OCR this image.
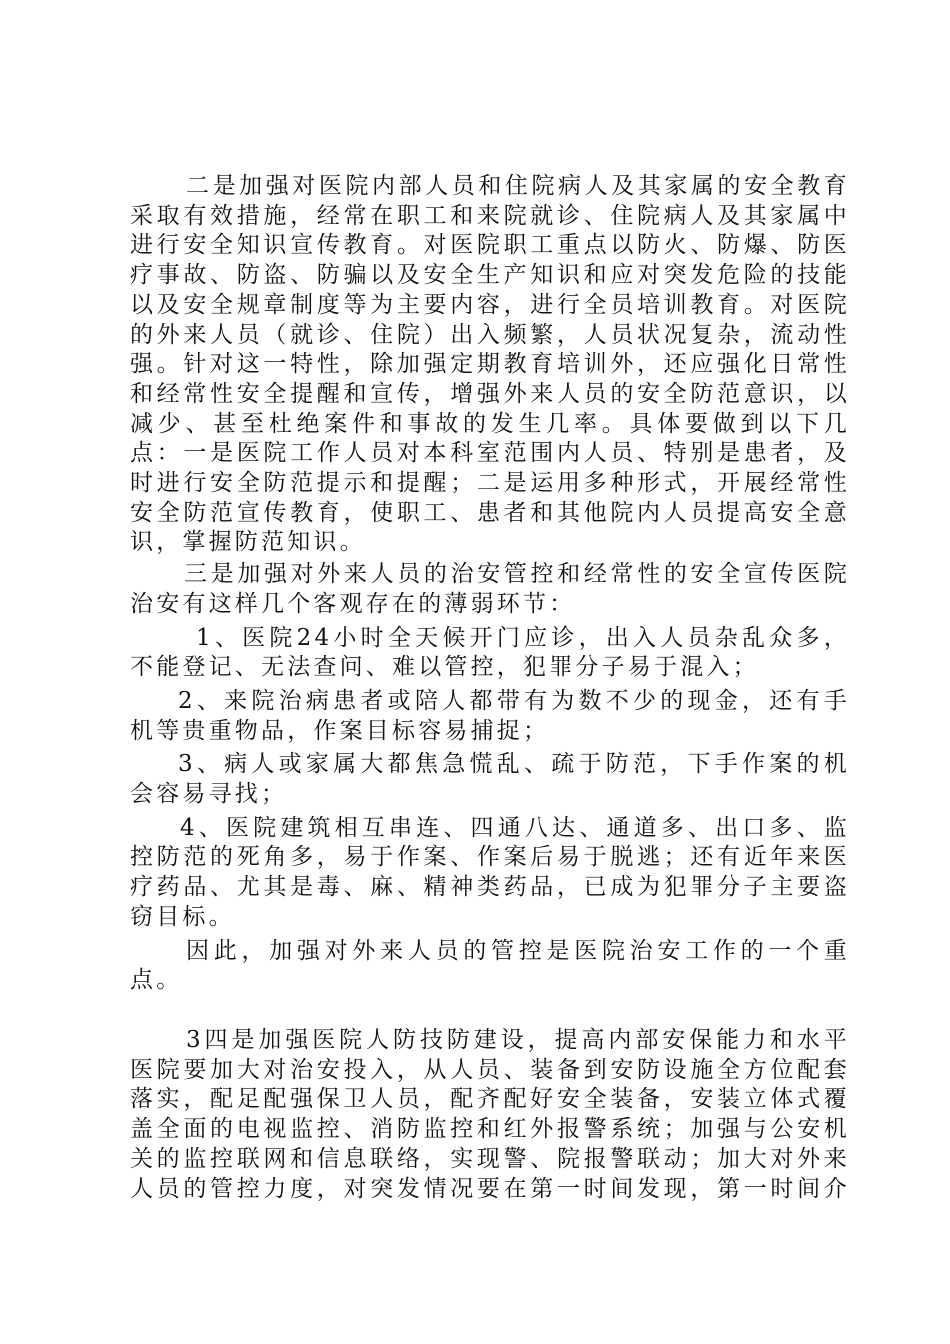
二是加强对医院内部人员和住院病人及其家属的安全教育采取有效措施，经常在职工和来院就诊、住院病人及其家属中进行安全知识宣传教育。对医院职工重点以防火、防爆、防医疗事故、防盗、防骗以及安全生产知识和应对突发危险的技能以及安全规章制度等为主要内容，进行全员培训教育。对医院的外来人员（就诊、住院）出入频繁，人员状况复杂，流动性强。针对这一特性，除加强定期教育培训外，还应强化日常性和经常性安全提醒和宣传，增强外来人员的安全防范意识，以减少、甚至杜绝案件和事故的发生几率。具体要做到以下几点：一是医院工作人员对本科室范围内人员、特别是患者，及时进行安全防范提示和提醒；二是运用多种形式，开展经常性安全防范宣传教育，使职工、患者和其他院内人员提高安全意识，掌握防范知识。

三是加强对外来人员的治安管控和经常性的安全宣传医院治安有这样几个客观存在的薄弱环节：

1、医院24小时全天候开门应诊，出入人员杂乱众多，不能登记、无法查问、难以管控，犯罪分子易于混入；

2、来院治病患者或陪人都带有为数不少的现金，还有手机等贵重物品，作案目标容易捕捉；

3、病人或家属大都焦急慌乱、疏于防范，下手作案的机会容易寻找；

4、医院建筑相互串连、四通八达、通道多、出口多、监控防范的死角多，易于作案、作案后易于脱逃；还有近年来医疗药品、尤其是毒、麻、精神类药品，已成为犯罪分子主要盗窃目标。

因此，加强对外来人员的管控是医院治安工作的一个重点。

3四是加强医院人防技防建设，提高内部安保能力和水平医院要加大对治安投入，从人员、装备到安防设施全方位配套落实，配足配强保卫人员，配齐配好安全装备，安装立体式覆盖全面的电视监控、消防监控和红外报警系统；加强与公安机关的监控联网和信息联络，实现警、院报警联动；加大对外来人员的管控力度，对突发情况要在第一时间发现，第一时间介
